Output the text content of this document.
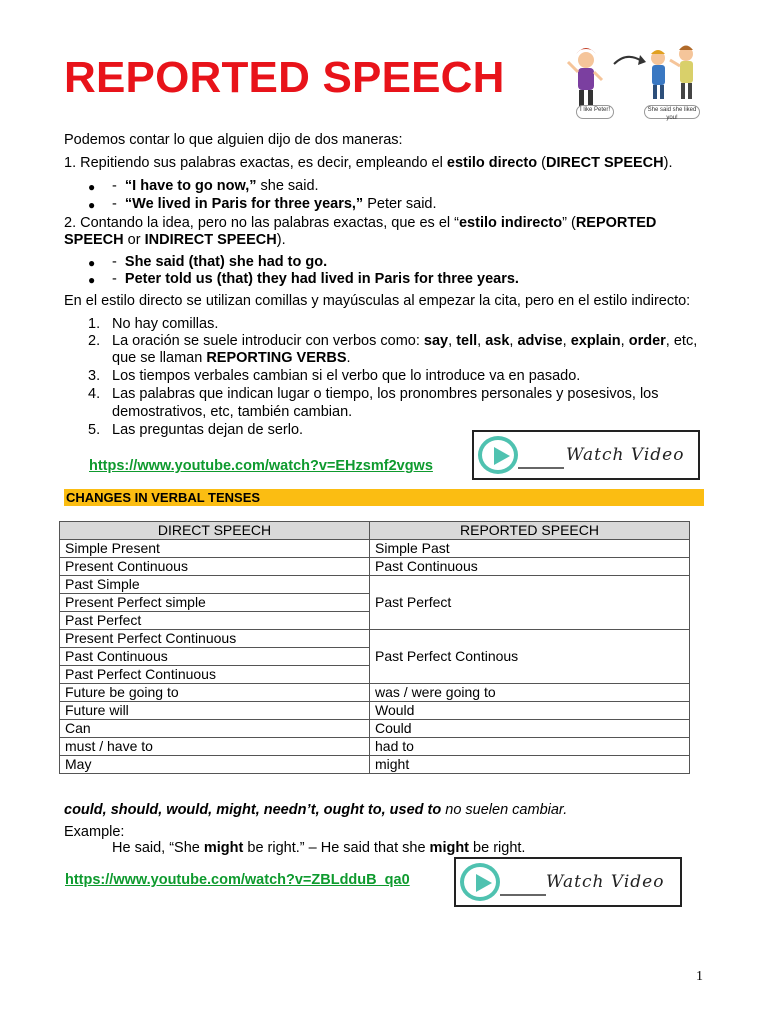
REPORTED SPEECH
I like Peter!	She said she liked you!
Podemos contar lo que alguien dijo de dos maneras:
1. Repitiendo sus palabras exactas, es decir, empleando el estilo directo (DIRECT SPEECH).
● - “I have to go now,” she said.
● - “We lived in Paris for three years,” Peter said.
2. Contando la idea, pero no las palabras exactas, que es el “estilo indirecto” (REPORTED
SPEECH or INDIRECT SPEECH).
● - She said (that) she had to go.
● - Peter told us (that) they had lived in Paris for three years.
En el estilo directo se utilizan comillas y mayúsculas al empezar la cita, pero en el estilo indirecto:
1. No hay comillas.
2. La oración se suele introducir con verbos como: say, tell, ask, advise, explain, order, etc,
que se llaman REPORTING VERBS.
3. Los tiempos verbales cambian si el verbo que lo introduce va en pasado.
4. Las palabras que indican lugar o tiempo, los pronombres personales y posesivos, los
demostrativos, etc, también cambian.
5. Las preguntas dejan de serlo.
https://www.youtube.com/watch?v=EHzsmf2vgws
Watch Video
CHANGES IN VERBAL TENSES
DIRECT SPEECH	REPORTED SPEECH
Simple Present	Simple Past
Present Continuous	Past Continuous
Past Simple	Past Perfect
Present Perfect simple	
Past Perfect	
Present Perfect Continuous	Past Perfect Continous
Past Continuous	
Past Perfect Continuous	
Future be going to	was / were going to
Future will	Would
Can	Could
must / have to	had to
May	might
could, should, would, might, needn’t, ought to, used to no suelen cambiar.
Example:
He said, “She might be right.” – He said that she might be right.
https://www.youtube.com/watch?v=ZBLdduB_qa0	Watch Video
1
